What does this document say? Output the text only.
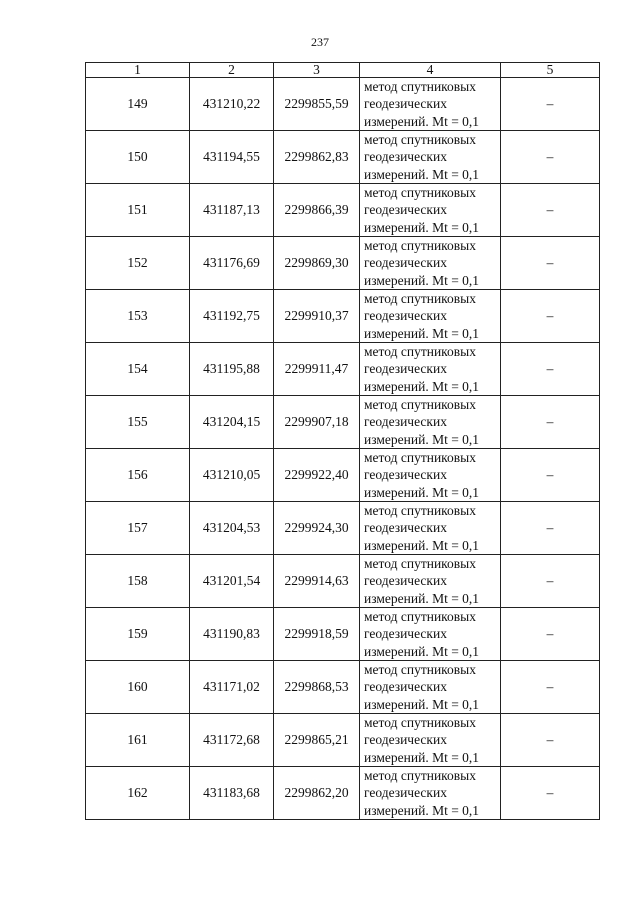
237
1	2	3	4	5
149	431210,22	2299855,59	метод спутниковых
геодезических
измерений. Mt = 0,1	–
150	431194,55	2299862,83	метод спутниковых
геодезических
измерений. Mt = 0,1	–
151	431187,13	2299866,39	метод спутниковых
геодезических
измерений. Mt = 0,1	–
152	431176,69	2299869,30	метод спутниковых
геодезических
измерений. Mt = 0,1	–
153	431192,75	2299910,37	метод спутниковых
геодезических
измерений. Mt = 0,1	–
154	431195,88	2299911,47	метод спутниковых
геодезических
измерений. Mt = 0,1	–
155	431204,15	2299907,18	метод спутниковых
геодезических
измерений. Mt = 0,1	–
156	431210,05	2299922,40	метод спутниковых
геодезических
измерений. Mt = 0,1	–
157	431204,53	2299924,30	метод спутниковых
геодезических
измерений. Mt = 0,1	–
158	431201,54	2299914,63	метод спутниковых
геодезических
измерений. Mt = 0,1	–
159	431190,83	2299918,59	метод спутниковых
геодезических
измерений. Mt = 0,1	–
160	431171,02	2299868,53	метод спутниковых
геодезических
измерений. Mt = 0,1	–
161	431172,68	2299865,21	метод спутниковых
геодезических
измерений. Mt = 0,1	–
162	431183,68	2299862,20	метод спутниковых
геодезических
измерений. Mt = 0,1	–
